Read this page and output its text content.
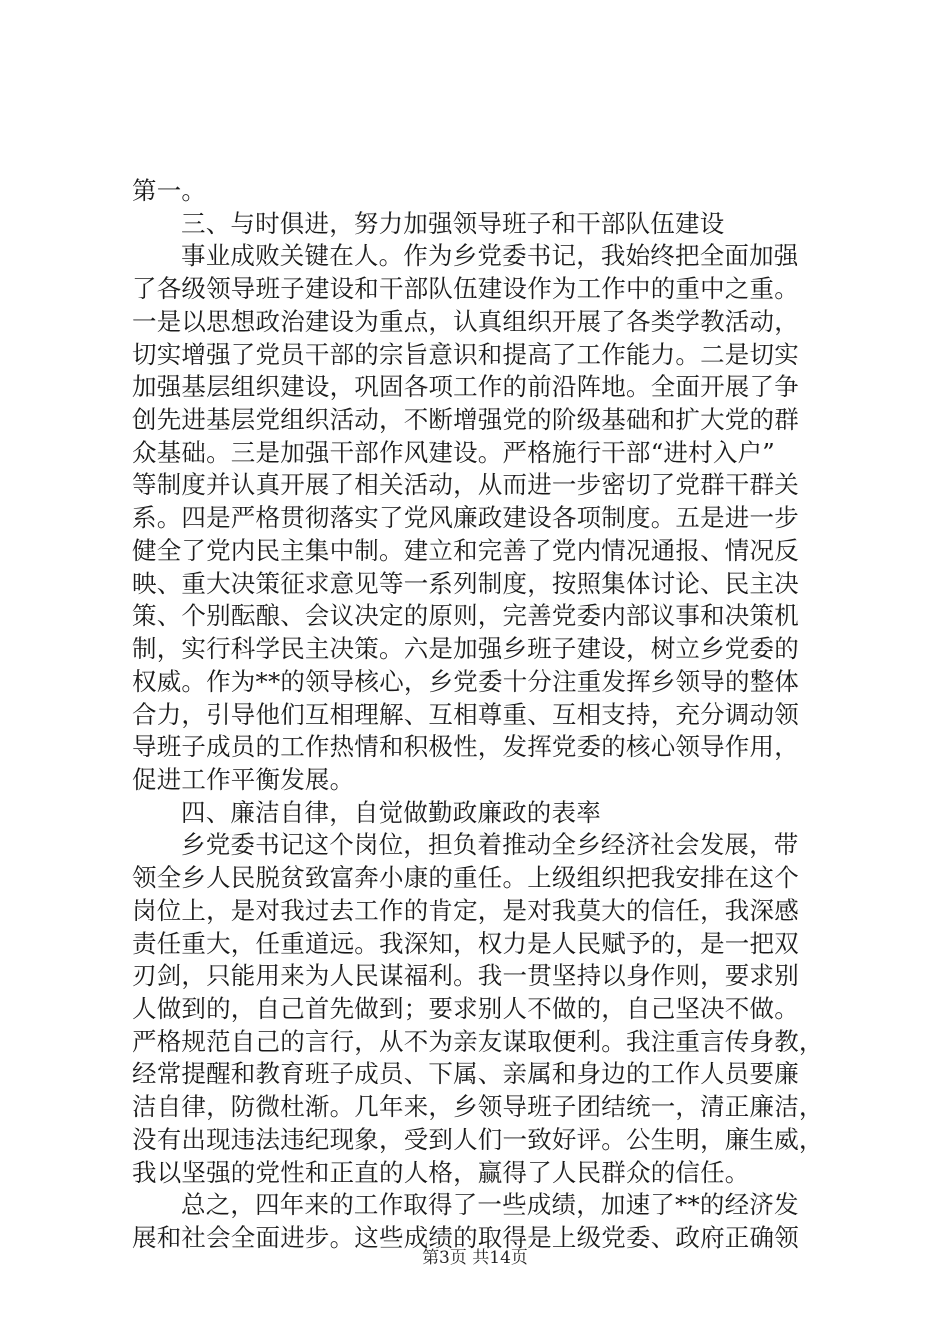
第一。
三、与时俱进，努力加强领导班子和干部队伍建设
事业成败关键在人。作为乡党委书记，我始终把全面加强
了各级领导班子建设和干部队伍建设作为工作中的重中之重。
一是以思想政治建设为重点，认真组织开展了各类学教活动，
切实增强了党员干部的宗旨意识和提高了工作能力。二是切实
加强基层组织建设，巩固各项工作的前沿阵地。全面开展了争
创先进基层党组织活动，不断增强党的阶级基础和扩大党的群
众基础。三是加强干部作风建设。严格施行干部“进村入户”
等制度并认真开展了相关活动，从而进一步密切了党群干群关
系。四是严格贯彻落实了党风廉政建设各项制度。五是进一步
健全了党内民主集中制。建立和完善了党内情况通报、情况反
映、重大决策征求意见等一系列制度，按照集体讨论、民主决
策、个别酝酿、会议决定的原则，完善党委内部议事和决策机
制，实行科学民主决策。六是加强乡班子建设，树立乡党委的
权威。作为**的领导核心，乡党委十分注重发挥乡领导的整体
合力，引导他们互相理解、互相尊重、互相支持，充分调动领
导班子成员的工作热情和积极性，发挥党委的核心领导作用，
促进工作平衡发展。
四、廉洁自律，自觉做勤政廉政的表率
乡党委书记这个岗位，担负着推动全乡经济社会发展，带
领全乡人民脱贫致富奔小康的重任。上级组织把我安排在这个
岗位上，是对我过去工作的肯定，是对我莫大的信任，我深感
责任重大，任重道远。我深知，权力是人民赋予的，是一把双
刃剑，只能用来为人民谋福利。我一贯坚持以身作则，要求别
人做到的，自己首先做到；要求别人不做的，自己坚决不做。
严格规范自己的言行，从不为亲友谋取便利。我注重言传身教，
经常提醒和教育班子成员、下属、亲属和身边的工作人员要廉
洁自律，防微杜渐。几年来，乡领导班子团结统一，清正廉洁，
没有出现违法违纪现象，受到人们一致好评。公生明，廉生威，
我以坚强的党性和正直的人格，赢得了人民群众的信任。
总之，四年来的工作取得了一些成绩，加速了**的经济发
展和社会全面进步。这些成绩的取得是上级党委、政府正确领
第3页 共14页
